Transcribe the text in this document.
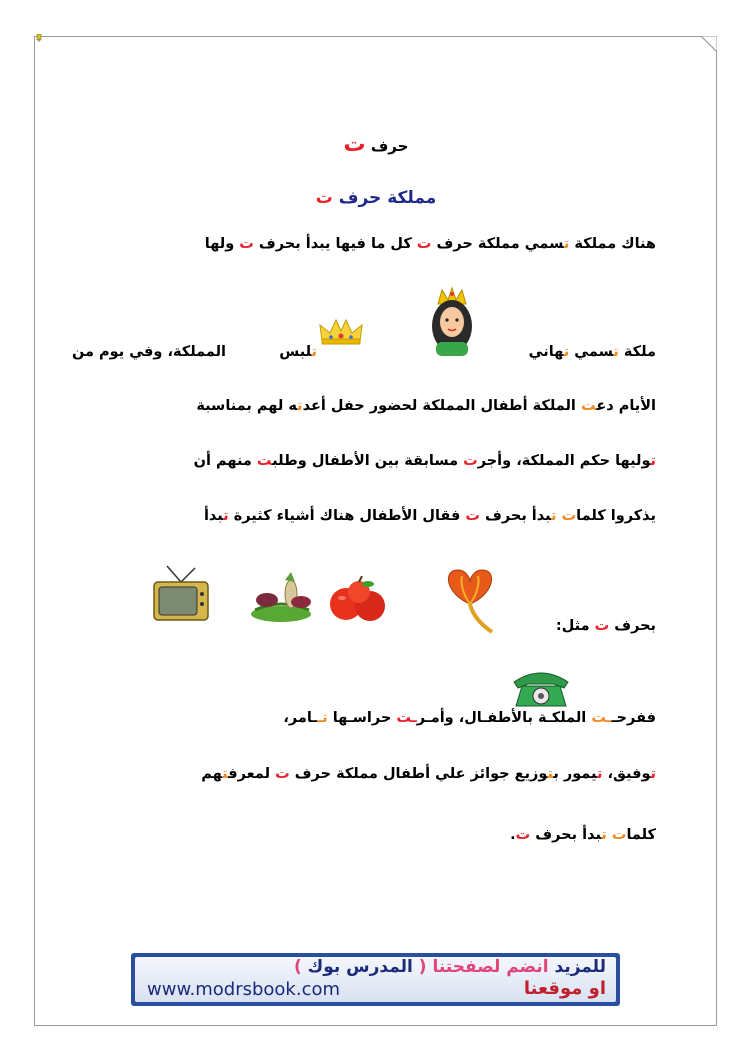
حرف ت
مملكة حرف ت
هناك مملكة تسمي مملكة حرف ت كل ما فيها يبدأ بحرف ت ولها
ملكة تسمي تهاني
تلبس
المملكة، وفي يوم من
الأيام دعت الملكة أطفال المملكة لحضور حفل أعدته لهم بمناسبة
توليها حكم المملكة، وأجرت مسابقة بين الأطفال وطلبت منهم أن
يذكروا كلمات تبدأ بحرف ت فقال الأطفال هناك أشياء كثيرة تبدأ
بحرف ت مثل:
ففرحــت الملكـة بالأطفـال، وأمـرـت حراسـها تــامر،
توفيق، تيمور بتوزيع جوائز علي أطفال مملكة حرف ت لمعرفتهم
كلمات تبدأ بحرف ت.
للمزيد انضم لصفحتنا ( المدرس بوك )
www.modrsbook.com	او موقعنا
